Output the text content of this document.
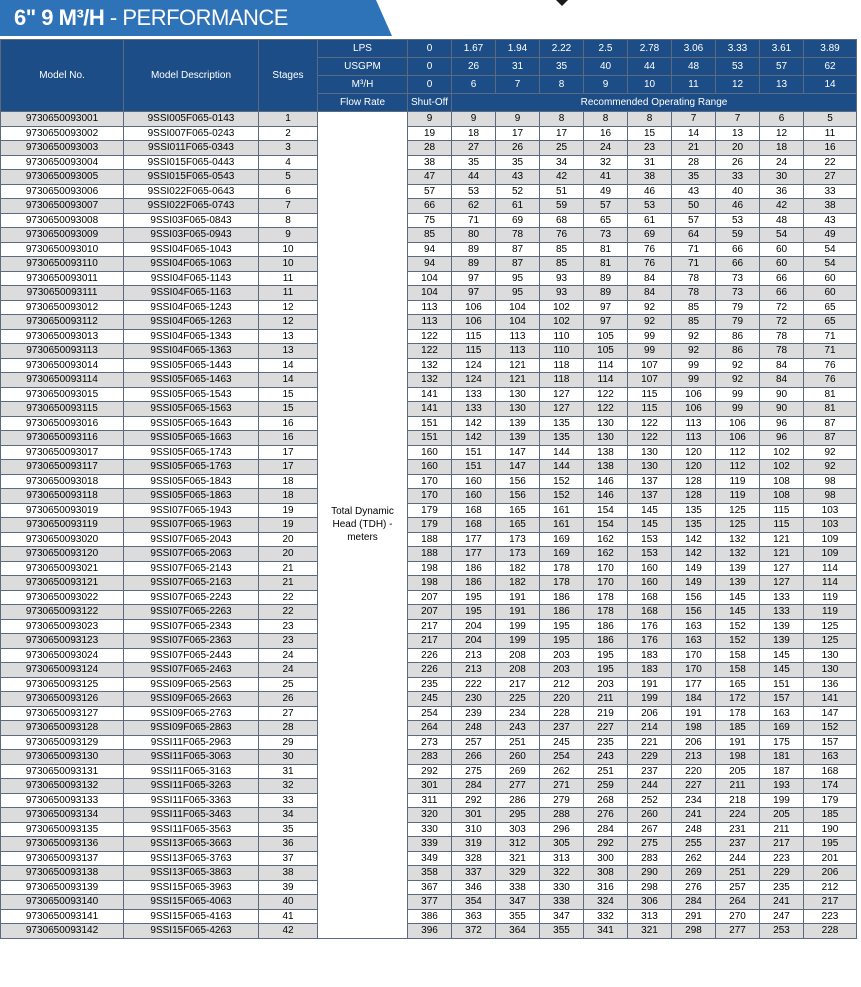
6" 9 M³/H - PERFORMANCE
Model No.	Model Description	Stages	LPS	0	1.67	1.94	2.22	2.5	2.78	3.06	3.33	3.61	3.89
			USGPM	0	26	31	35	40	44	48	53	57	62
			M³/H	0	6	7	8	9	10	11	12	13	14
			Flow Rate	Shut-Off	Recommended Operating Range								
9730650093001	9SSI005F065-0143	1	Total Dynamic Head (TDH) - meters	9	9	9	8	8	8	7	7	6	5
9730650093002	9SSI007F065-0243	2		19	18	17	17	16	15	14	13	12	11
9730650093003	9SSI011F065-0343	3		28	27	26	25	24	23	21	20	18	16
9730650093004	9SSI015F065-0443	4		38	35	35	34	32	31	28	26	24	22
9730650093005	9SSI015F065-0543	5		47	44	43	42	41	38	35	33	30	27
9730650093006	9SSI022F065-0643	6		57	53	52	51	49	46	43	40	36	33
9730650093007	9SSI022F065-0743	7		66	62	61	59	57	53	50	46	42	38
9730650093008	9SSI03F065-0843	8		75	71	69	68	65	61	57	53	48	43
9730650093009	9SSI03F065-0943	9		85	80	78	76	73	69	64	59	54	49
9730650093010	9SSI04F065-1043	10		94	89	87	85	81	76	71	66	60	54
9730650093110	9SSI04F065-1063	10		94	89	87	85	81	76	71	66	60	54
9730650093011	9SSI04F065-1143	11		104	97	95	93	89	84	78	73	66	60
9730650093111	9SSI04F065-1163	11		104	97	95	93	89	84	78	73	66	60
9730650093012	9SSI04F065-1243	12		113	106	104	102	97	92	85	79	72	65
9730650093112	9SSI04F065-1263	12		113	106	104	102	97	92	85	79	72	65
9730650093013	9SSI04F065-1343	13		122	115	113	110	105	99	92	86	78	71
9730650093113	9SSI04F065-1363	13		122	115	113	110	105	99	92	86	78	71
9730650093014	9SSI05F065-1443	14		132	124	121	118	114	107	99	92	84	76
9730650093114	9SSI05F065-1463	14		132	124	121	118	114	107	99	92	84	76
9730650093015	9SSI05F065-1543	15		141	133	130	127	122	115	106	99	90	81
9730650093115	9SSI05F065-1563	15		141	133	130	127	122	115	106	99	90	81
9730650093016	9SSI05F065-1643	16		151	142	139	135	130	122	113	106	96	87
9730650093116	9SSI05F065-1663	16		151	142	139	135	130	122	113	106	96	87
9730650093017	9SSI05F065-1743	17		160	151	147	144	138	130	120	112	102	92
9730650093117	9SSI05F065-1763	17		160	151	147	144	138	130	120	112	102	92
9730650093018	9SSI05F065-1843	18		170	160	156	152	146	137	128	119	108	98
9730650093118	9SSI05F065-1863	18		170	160	156	152	146	137	128	119	108	98
9730650093019	9SSI07F065-1943	19		179	168	165	161	154	145	135	125	115	103
9730650093119	9SSI07F065-1963	19		179	168	165	161	154	145	135	125	115	103
9730650093020	9SSI07F065-2043	20		188	177	173	169	162	153	142	132	121	109
9730650093120	9SSI07F065-2063	20		188	177	173	169	162	153	142	132	121	109
9730650093021	9SSI07F065-2143	21		198	186	182	178	170	160	149	139	127	114
9730650093121	9SSI07F065-2163	21		198	186	182	178	170	160	149	139	127	114
9730650093022	9SSI07F065-2243	22		207	195	191	186	178	168	156	145	133	119
9730650093122	9SSI07F065-2263	22		207	195	191	186	178	168	156	145	133	119
9730650093023	9SSI07F065-2343	23		217	204	199	195	186	176	163	152	139	125
9730650093123	9SSI07F065-2363	23		217	204	199	195	186	176	163	152	139	125
9730650093024	9SSI07F065-2443	24		226	213	208	203	195	183	170	158	145	130
9730650093124	9SSI07F065-2463	24		226	213	208	203	195	183	170	158	145	130
9730650093125	9SSI09F065-2563	25		235	222	217	212	203	191	177	165	151	136
9730650093126	9SSI09F065-2663	26		245	230	225	220	211	199	184	172	157	141
9730650093127	9SSI09F065-2763	27		254	239	234	228	219	206	191	178	163	147
9730650093128	9SSI09F065-2863	28		264	248	243	237	227	214	198	185	169	152
9730650093129	9SSI11F065-2963	29		273	257	251	245	235	221	206	191	175	157
9730650093130	9SSI11F065-3063	30		283	266	260	254	243	229	213	198	181	163
9730650093131	9SSI11F065-3163	31		292	275	269	262	251	237	220	205	187	168
9730650093132	9SSI11F065-3263	32		301	284	277	271	259	244	227	211	193	174
9730650093133	9SSI11F065-3363	33		311	292	286	279	268	252	234	218	199	179
9730650093134	9SSI11F065-3463	34		320	301	295	288	276	260	241	224	205	185
9730650093135	9SSI11F065-3563	35		330	310	303	296	284	267	248	231	211	190
9730650093136	9SSI13F065-3663	36		339	319	312	305	292	275	255	237	217	195
9730650093137	9SSI13F065-3763	37		349	328	321	313	300	283	262	244	223	201
9730650093138	9SSI13F065-3863	38		358	337	329	322	308	290	269	251	229	206
9730650093139	9SSI15F065-3963	39		367	346	338	330	316	298	276	257	235	212
9730650093140	9SSI15F065-4063	40		377	354	347	338	324	306	284	264	241	217
9730650093141	9SSI15F065-4163	41		386	363	355	347	332	313	291	270	247	223
9730650093142	9SSI15F065-4263	42		396	372	364	355	341	321	298	277	253	228
